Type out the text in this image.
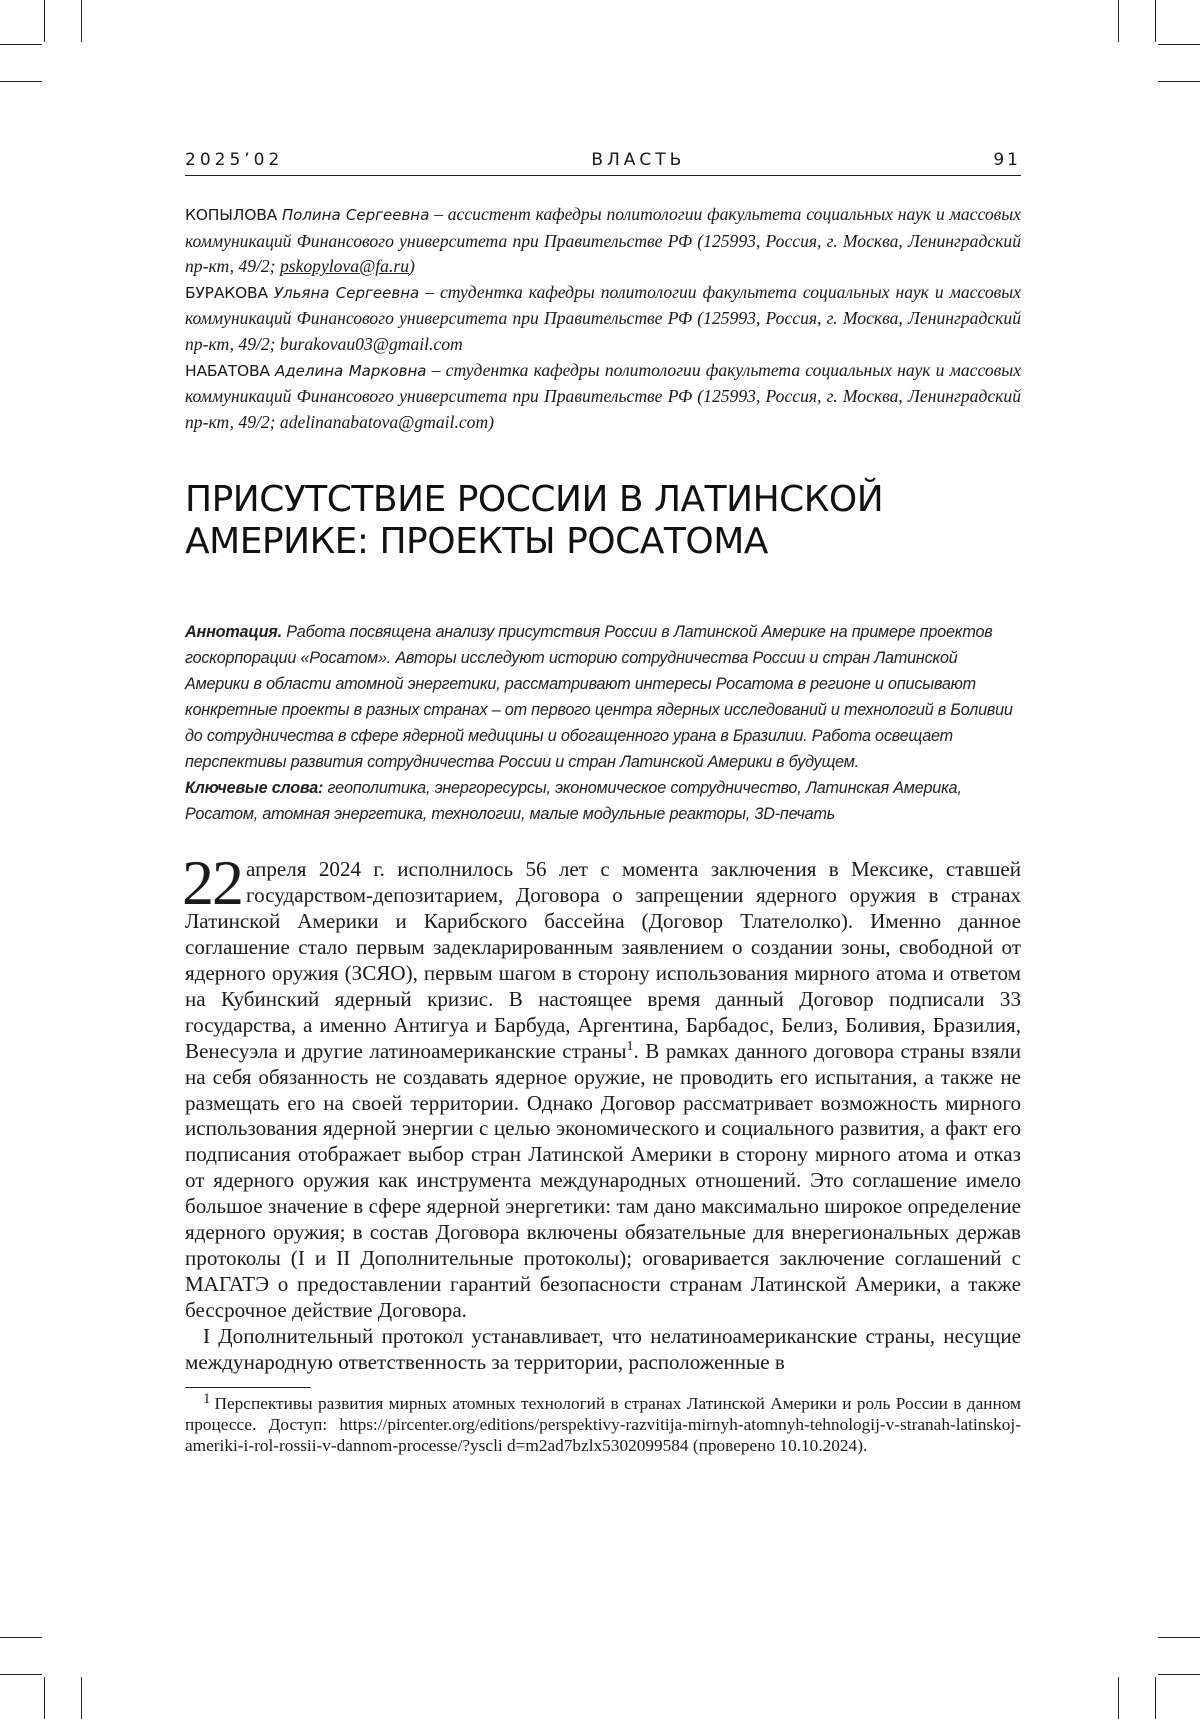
2025’02	ВЛАСТЬ	91

КОПЫЛОВА Полина Сергеевна – ассистент кафедры политологии факультета социальных наук и массовых коммуникаций Финансового университета при Правительстве РФ (125993, Россия, г. Москва, Ленинградский пр-кт, 49/2; pskopylova@fa.ru)

БУРАКОВА Ульяна Сергеевна – студентка кафедры политологии факультета социальных наук и массовых коммуникаций Финансового университета при Правительстве РФ (125993, Россия, г. Москва, Ленинградский пр-кт, 49/2; burakovau03@gmail.com

НАБАТОВА Аделина Марковна – студентка кафедры политологии факультета социальных наук и массовых коммуникаций Финансового университета при Правительстве РФ (125993, Россия, г. Москва, Ленинградский пр-кт, 49/2; adelinanabatova@gmail.com)

ПРИСУТСТВИЕ РОССИИ В ЛАТИНСКОЙ
АМЕРИКЕ: ПРОЕКТЫ РОСАТОМА

Аннотация. Работа посвящена анализу присутствия России в Латинской Америке на примере проектов госкорпорации «Росатом». Авторы исследуют историю сотрудничества России и стран Латинской Америки в области атомной энергетики, рассматривают интересы Росатома в регионе и описывают конкретные проекты в разных странах – от первого центра ядерных исследований и технологий в Боливии до сотрудничества в сфере ядерной медицины и обогащенного урана в Бразилии. Работа освещает перспективы развития сотрудничества России и стран Латинской Америки в будущем.

Ключевые слова: геополитика, энергоресурсы, экономическое сотрудничество, Латинская Америка, Росатом, атомная энергетика, технологии, малые модульные реакторы, 3D-печать

22 апреля 2024 г. исполнилось 56 лет с момента заключения в Мексике, ставшей государством-депозитарием, Договора о запрещении ядерного оружия в странах Латинской Америки и Карибского бассейна (Договор Тлателолко). Именно данное соглашение стало первым задекларированным заявлением о создании зоны, свободной от ядерного оружия (ЗСЯО), первым шагом в сторону использования мирного атома и ответом на Кубинский ядерный кризис. В настоящее время данный Договор подписали 33 государства, а именно Антигуа и Барбуда, Аргентина, Барбадос, Белиз, Боливия, Бразилия, Венесуэла и другие латиноамериканские страны1. В рамках данного договора страны взяли на себя обязанность не создавать ядерное оружие, не проводить его испытания, а также не размещать его на своей территории. Однако Договор рассматривает возможность мирного использования ядерной энергии с целью экономического и социального развития, а факт его подписания отображает выбор стран Латинской Америки в сторону мирного атома и отказ от ядерного оружия как инструмента международных отношений. Это соглашение имело большое значение в сфере ядерной энергетики: там дано максимально широкое определение ядерного оружия; в состав Договора включены обязательные для внерегиональных держав протоколы (I и II Дополнительные протоколы); оговаривается заключение соглашений с МАГАТЭ о предоставлении гарантий безопасности странам Латинской Америки, а также бессрочное действие Договора.

I Дополнительный протокол устанавливает, что нелатиноамериканские страны, несущие международную ответственность за территории, расположенные в

1 Перспективы развития мирных атомных технологий в странах Латинской Америки и роль России в данном процессе. Доступ: https://pircenter.org/editions/perspektivy-razvitija-mirnyh-atomnyh-tehnologij-v-stranah-latinskoj-ameriki-i-rol-rossii-v-dannom-processe/?yscli d=m2ad7bzlx5302099584 (проверено 10.10.2024).
